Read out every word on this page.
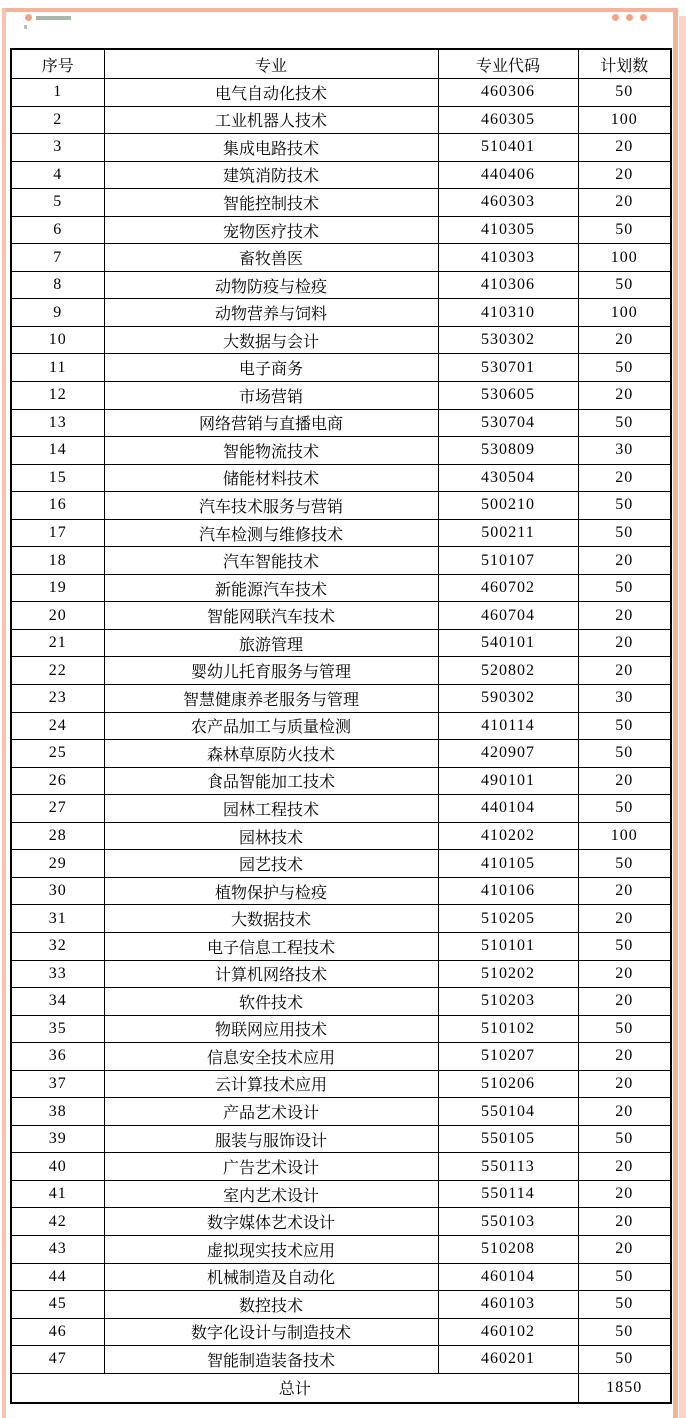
序号	专业	专业代码	计划数
1	电气自动化技术	460306	50
2	工业机器人技术	460305	100
3	集成电路技术	510401	20
4	建筑消防技术	440406	20
5	智能控制技术	460303	20
6	宠物医疗技术	410305	50
7	畜牧兽医	410303	100
8	动物防疫与检疫	410306	50
9	动物营养与饲料	410310	100
10	大数据与会计	530302	20
11	电子商务	530701	50
12	市场营销	530605	20
13	网络营销与直播电商	530704	50
14	智能物流技术	530809	30
15	储能材料技术	430504	20
16	汽车技术服务与营销	500210	50
17	汽车检测与维修技术	500211	50
18	汽车智能技术	510107	20
19	新能源汽车技术	460702	50
20	智能网联汽车技术	460704	20
21	旅游管理	540101	20
22	婴幼儿托育服务与管理	520802	20
23	智慧健康养老服务与管理	590302	30
24	农产品加工与质量检测	410114	50
25	森林草原防火技术	420907	50
26	食品智能加工技术	490101	20
27	园林工程技术	440104	50
28	园林技术	410202	100
29	园艺技术	410105	50
30	植物保护与检疫	410106	20
31	大数据技术	510205	20
32	电子信息工程技术	510101	50
33	计算机网络技术	510202	20
34	软件技术	510203	20
35	物联网应用技术	510102	50
36	信息安全技术应用	510207	20
37	云计算技术应用	510206	20
38	产品艺术设计	550104	20
39	服装与服饰设计	550105	50
40	广告艺术设计	550113	20
41	室内艺术设计	550114	20
42	数字媒体艺术设计	550103	20
43	虚拟现实技术应用	510208	20
44	机械制造及自动化	460104	50
45	数控技术	460103	50
46	数字化设计与制造技术	460102	50
47	智能制造装备技术	460201	50
总计			1850
